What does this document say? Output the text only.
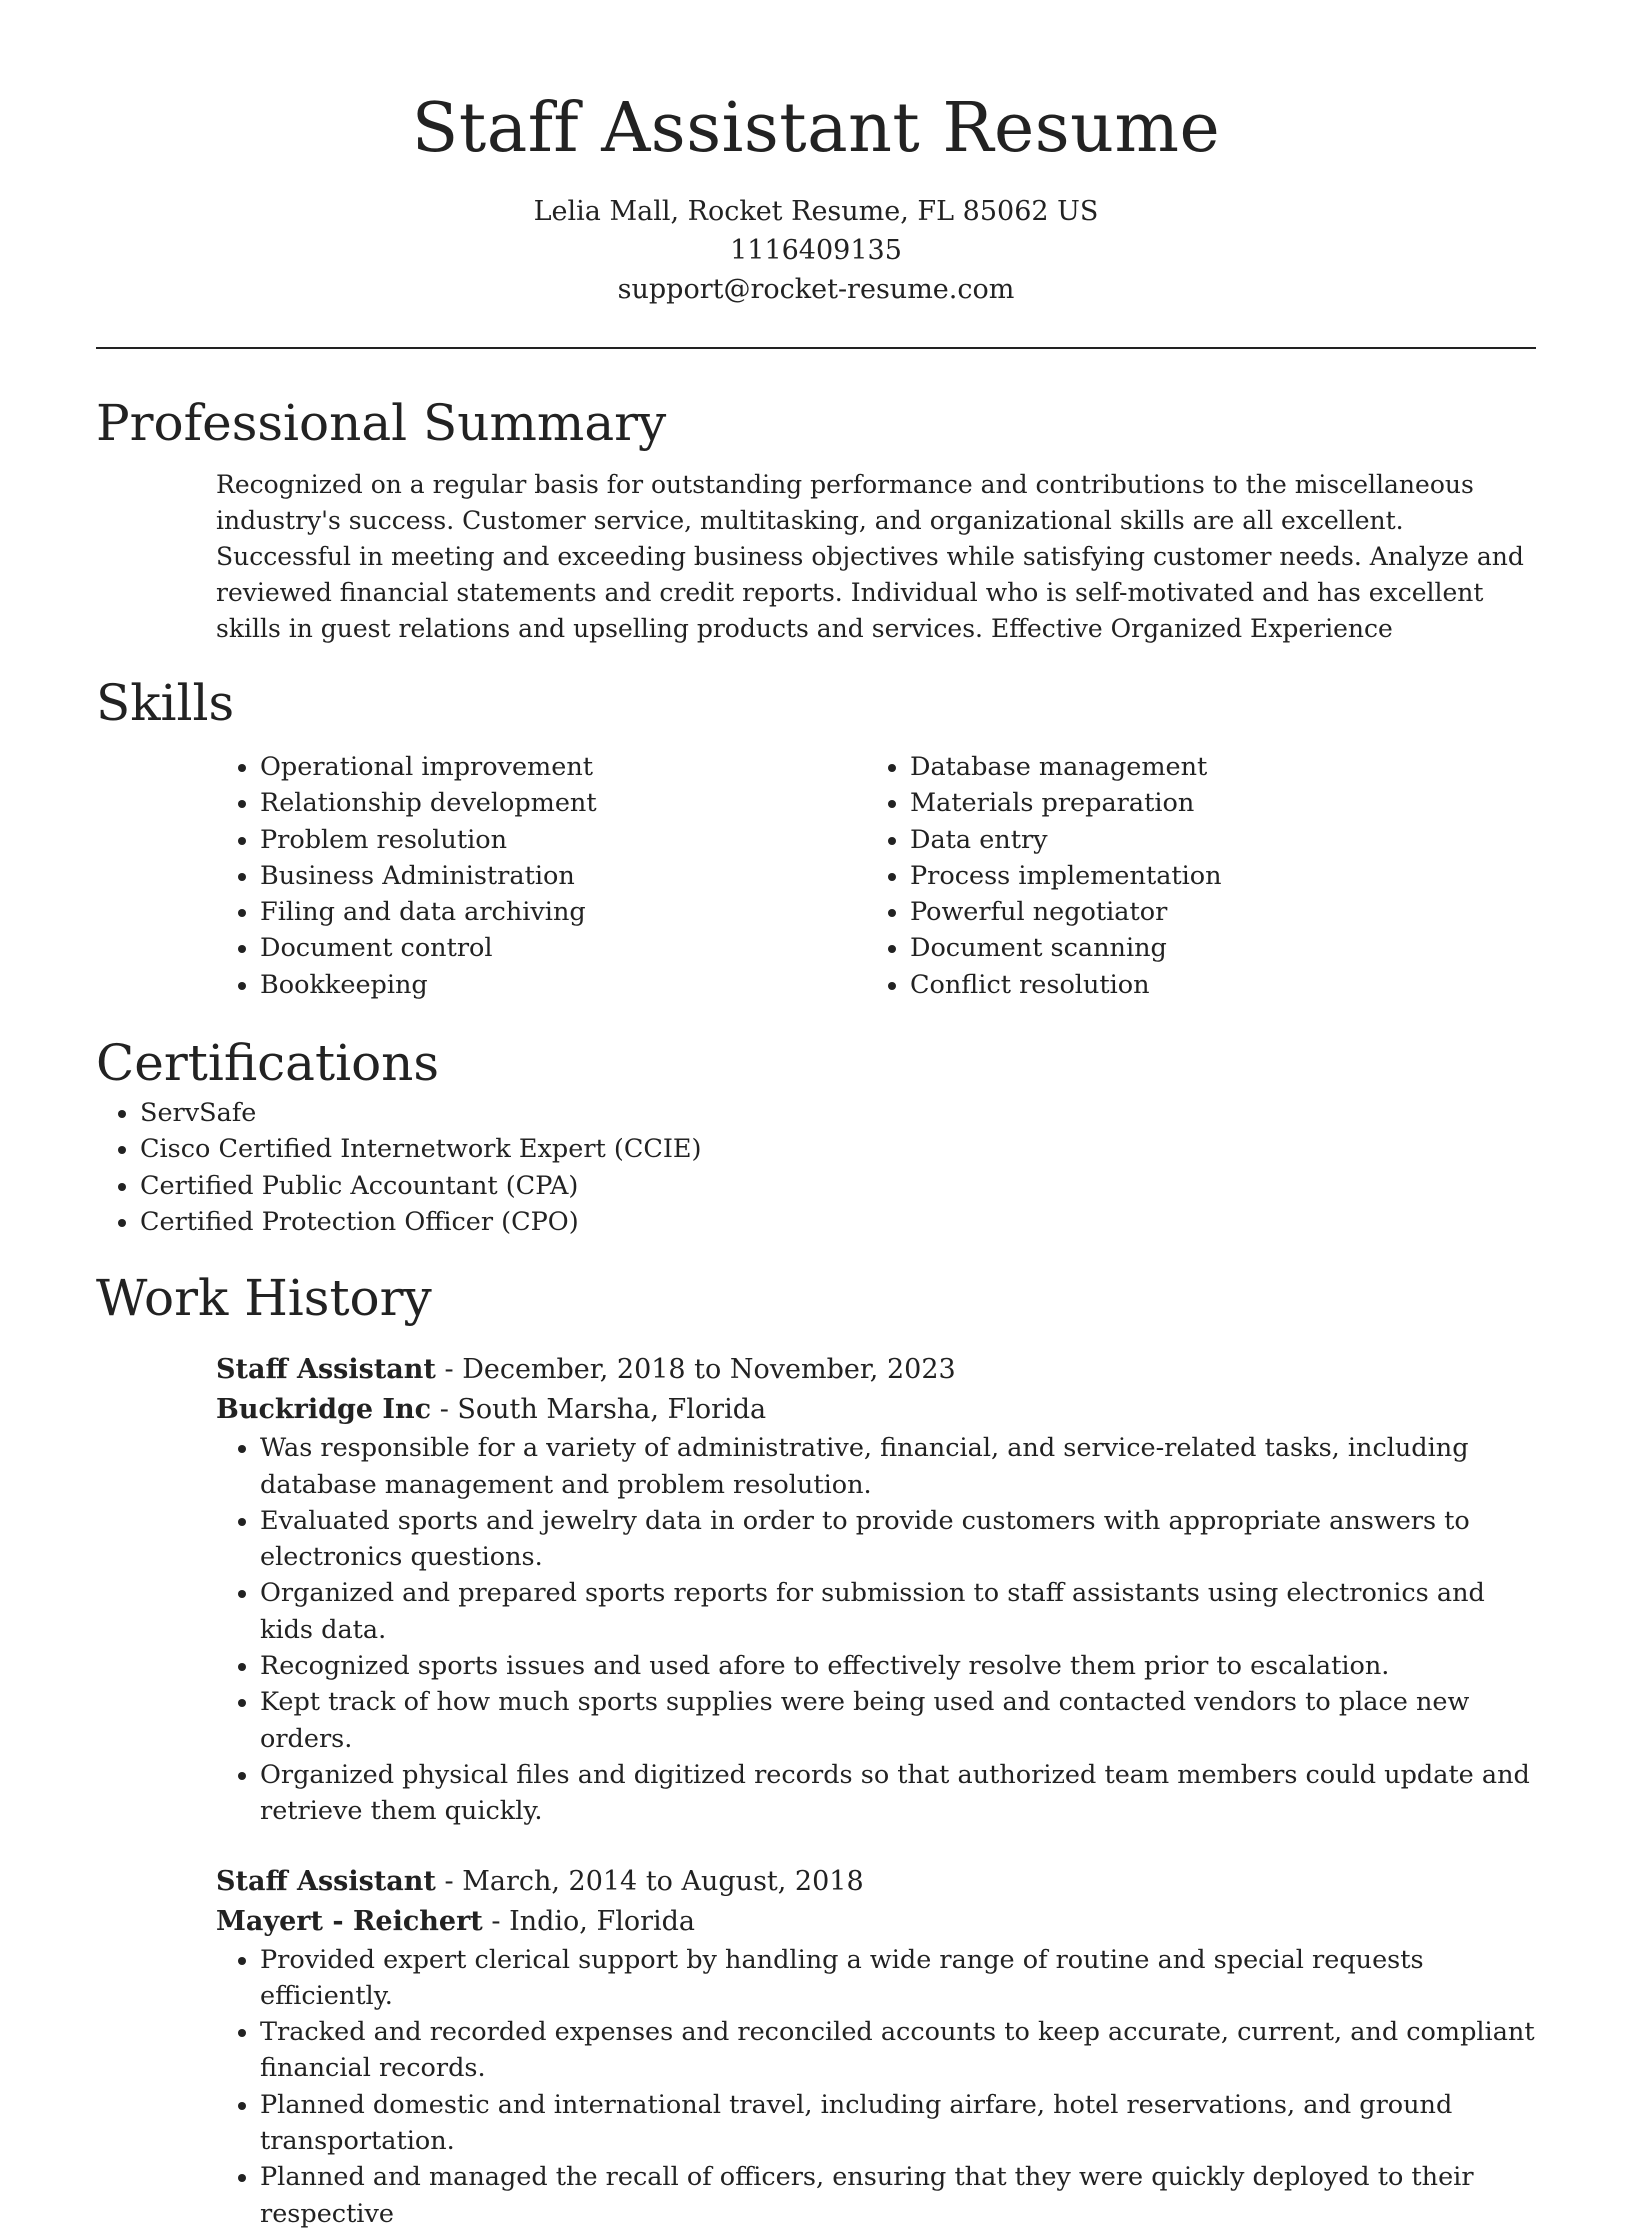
Staff Assistant Resume
Lelia Mall, Rocket Resume, FL 85062 US
1116409135
support@rocket-resume.com
Professional Summary

Recognized on a regular basis for outstanding performance and contributions to the miscellaneous industry's success. Customer service, multitasking, and organizational skills are all excellent. Successful in meeting and exceeding business objectives while satisfying customer needs. Analyze and reviewed financial statements and credit reports. Individual who is self-motivated and has excellent skills in guest relations and upselling products and services. Effective Organized Experience

Skills
• Operational improvement
• Relationship development
• Problem resolution
• Business Administration
• Filing and data archiving
• Document control
• Bookkeeping
• Database management
• Materials preparation
• Data entry
• Process implementation
• Powerful negotiator
• Document scanning
• Conflict resolution
Certifications
• ServSafe
• Cisco Certified Internetwork Expert (CCIE)
• Certified Public Accountant (CPA)
• Certified Protection Officer (CPO)
Work History
Staff Assistant - December, 2018 to November, 2023
Buckridge Inc - South Marsha, Florida
• Was responsible for a variety of administrative, financial, and service-related tasks, including database management and problem resolution.
• Evaluated sports and jewelry data in order to provide customers with appropriate answers to electronics questions.
• Organized and prepared sports reports for submission to staff assistants using electronics and kids data.
• Recognized sports issues and used afore to effectively resolve them prior to escalation.
• Kept track of how much sports supplies were being used and contacted vendors to place new orders.
• Organized physical files and digitized records so that authorized team members could update and retrieve them quickly.
Staff Assistant - March, 2014 to August, 2018
Mayert - Reichert - Indio, Florida
• Provided expert clerical support by handling a wide range of routine and special requests efficiently.
• Tracked and recorded expenses and reconciled accounts to keep accurate, current, and compliant financial records.
• Planned domestic and international travel, including airfare, hotel reservations, and ground transportation.
• Planned and managed the recall of officers, ensuring that they were quickly deployed to their respective
